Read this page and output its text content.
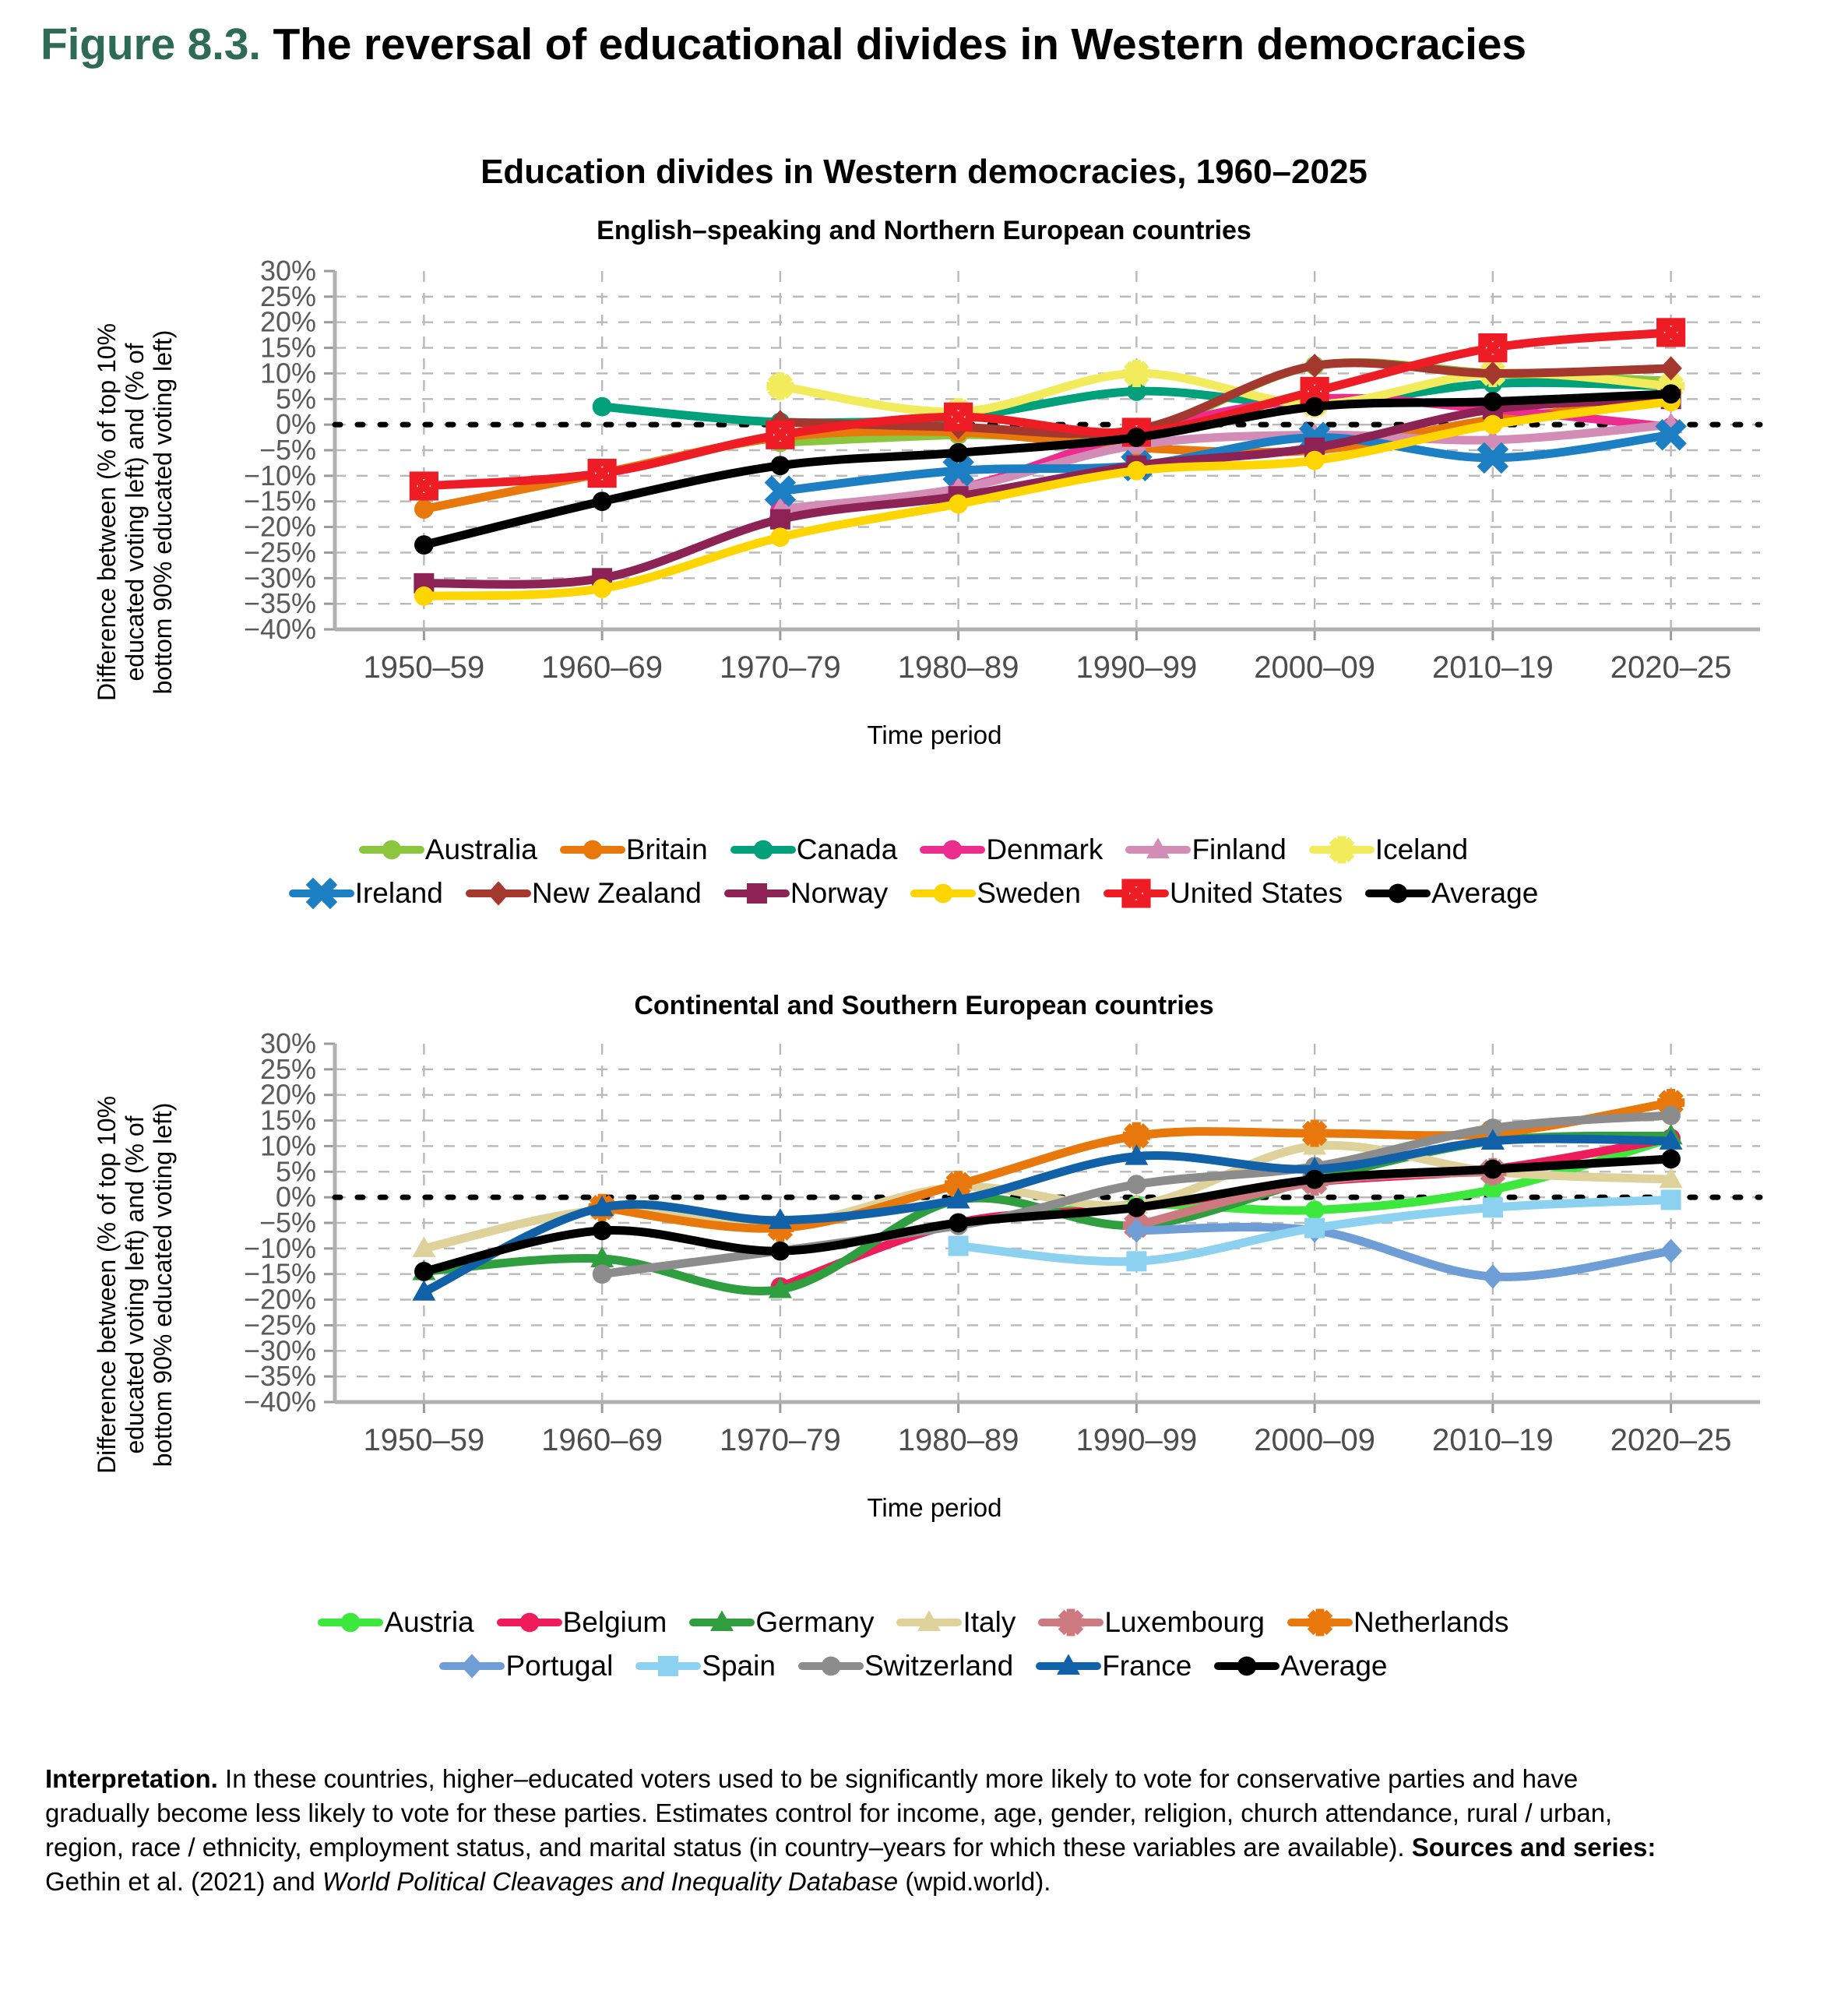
Figure 8.3. The reversal of educational divides in Western democracies
Education divides in Western democracies, 1960–2025
English–speaking and Northern European countries
Difference between (% of top 10% educated voting left) and (% of bottom 90% educated voting left)
30%
25%
20%
15%
10%
5%
0%
−5%
−10%
−15%
−20%
−25%
−30%
−35%
−40%
1950–59 1960–69 1970–79 1980–89 1990–99 2000–09 2010–19 2020–25
Time period
Australia	Britain	Canada	Denmark	Finland	Iceland
Ireland	New Zealand	Norway	Sweden	United States	Average
Continental and Southern European countries
Difference between (% of top 10% educated voting left) and (% of bottom 90% educated voting left)
30%
25%
20%
15%
10%
5%
0%
−5%
−10%
−15%
−20%
−25%
−30%
−35%
−40%
1950–59 1960–69 1970–79 1980–89 1990–99 2000–09 2010–19 2020–25
Time period
Austria	Belgium	Germany	Italy	Luxembourg	Netherlands
Portugal	Spain	Switzerland	France	Average
Interpretation. In these countries, higher–educated voters used to be significantly more likely to vote for conservative parties and have gradually become less likely to vote for these parties. Estimates control for income, age, gender, religion, church attendance, rural / urban, region, race / ethnicity, employment status, and marital status (in country–years for which these variables are available). Sources and series: Gethin et al. (2021) and World Political Cleavages and Inequality Database (wpid.world).
